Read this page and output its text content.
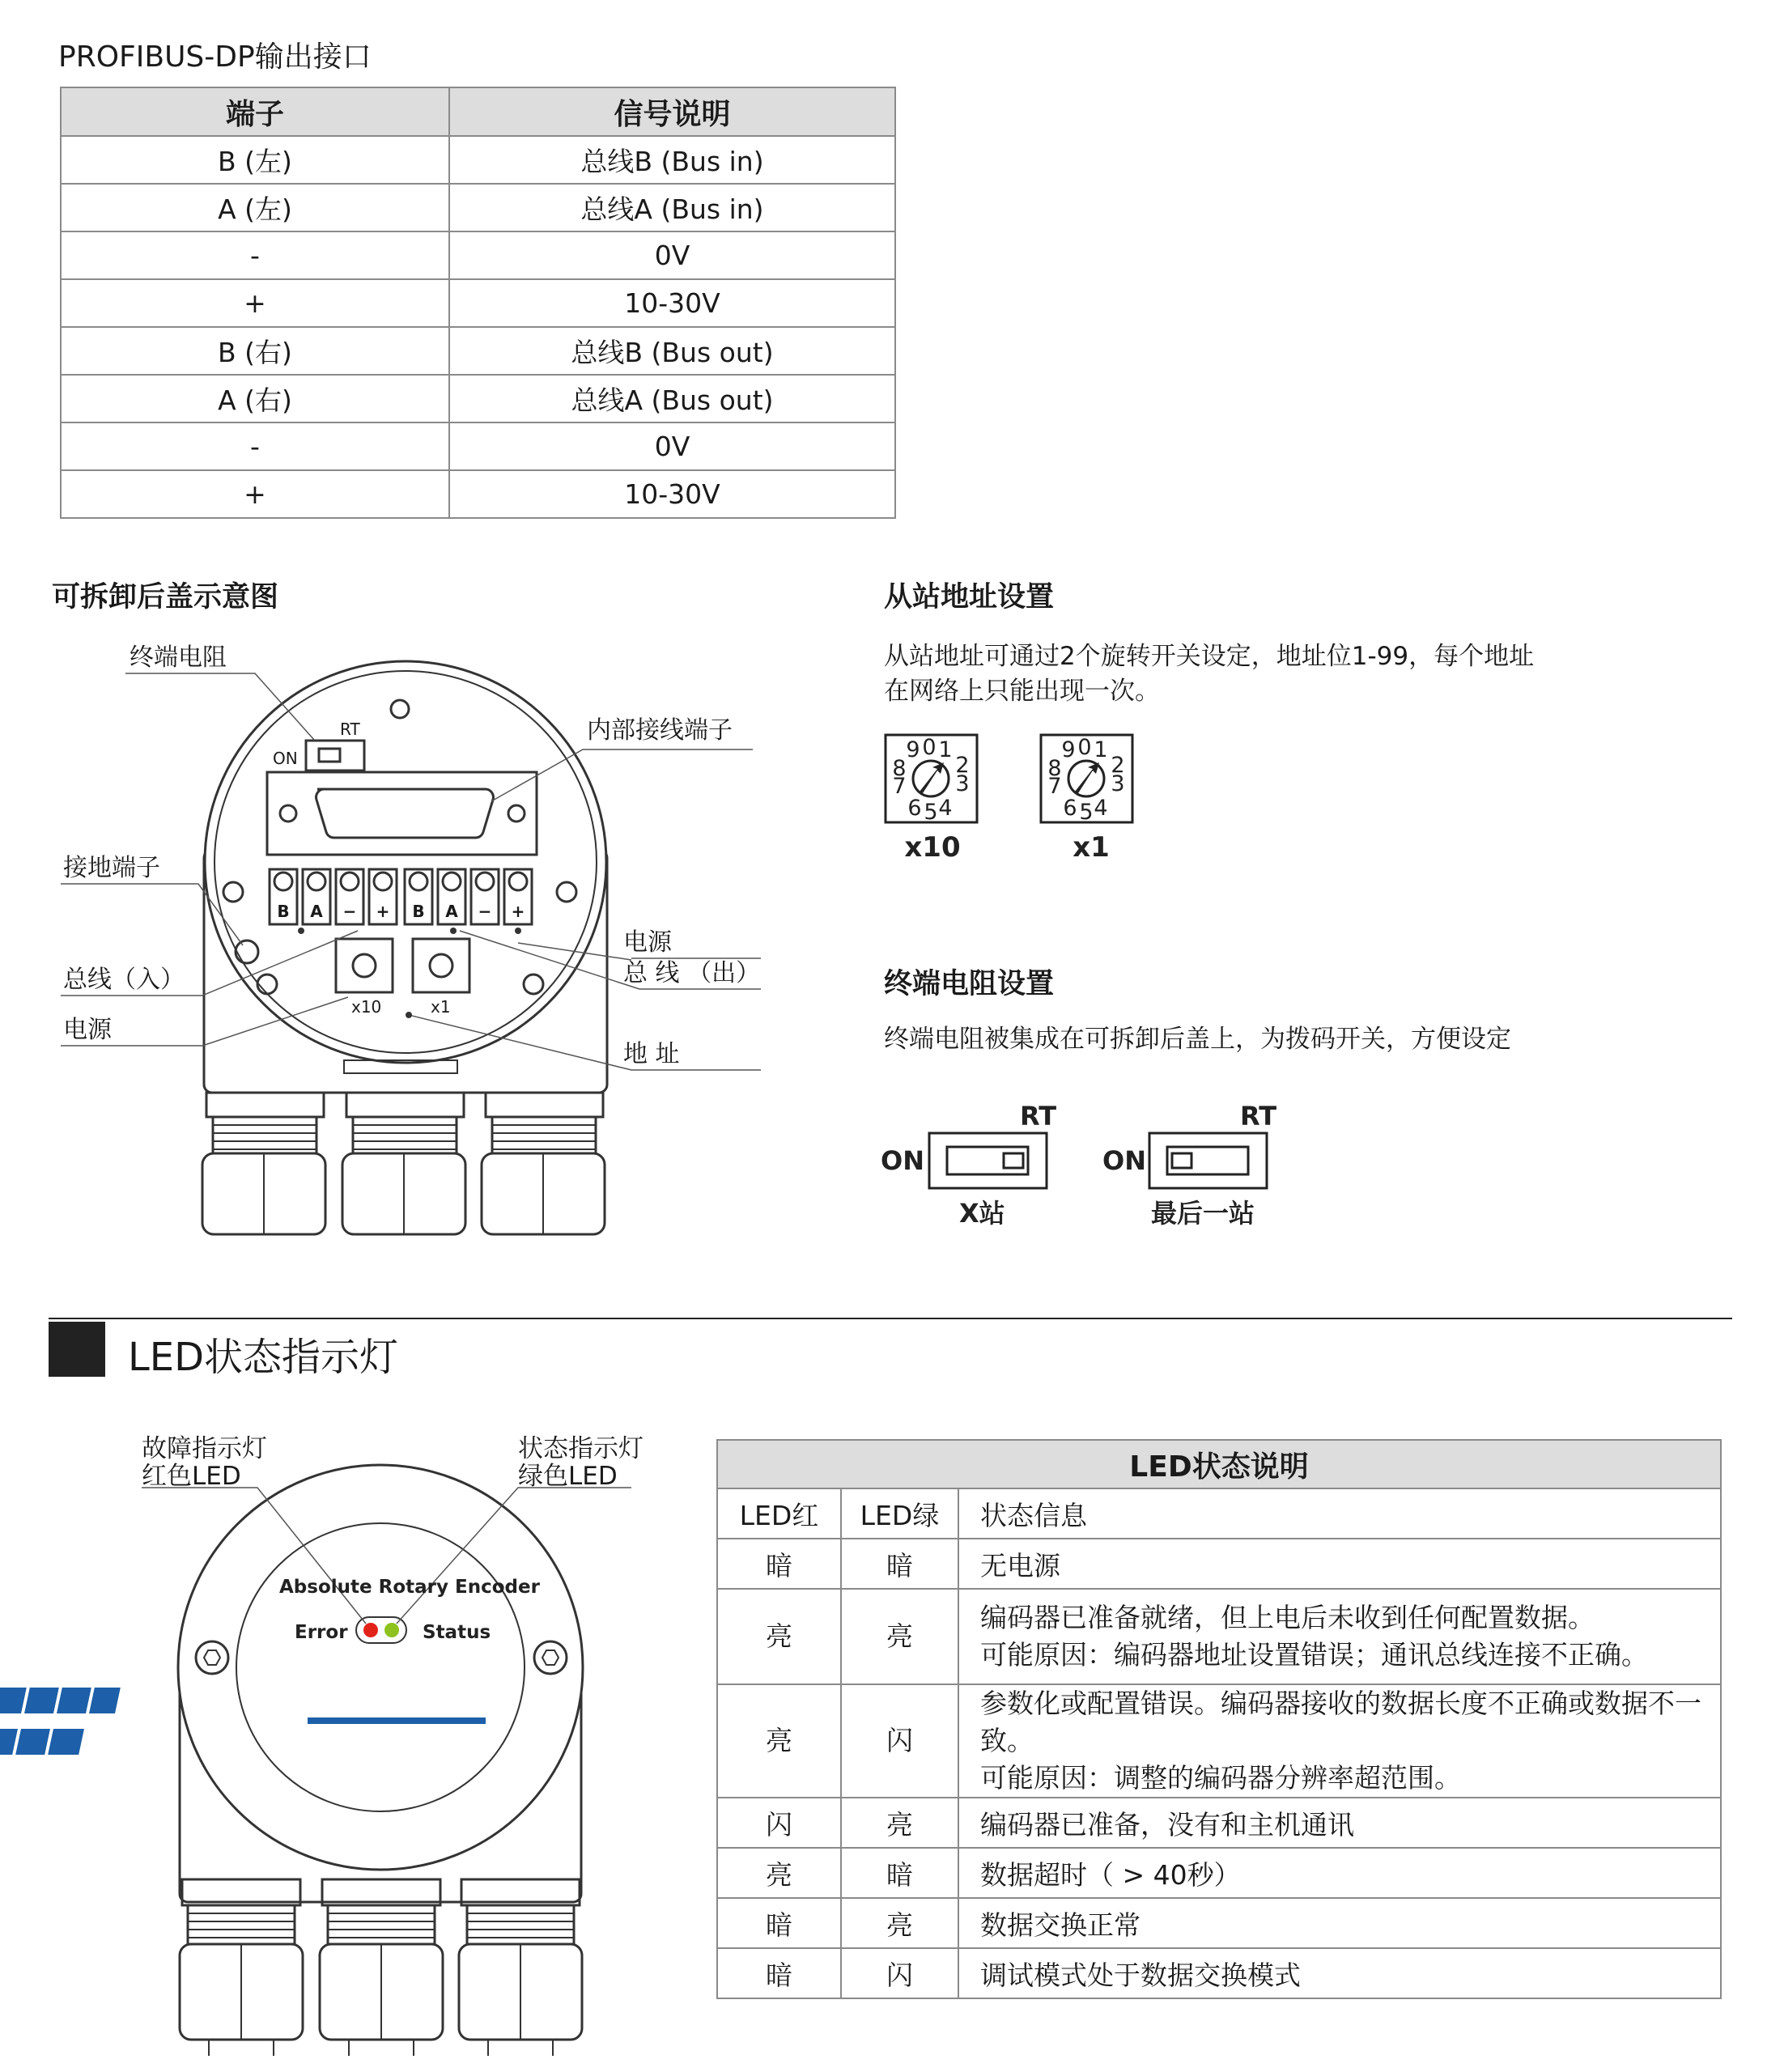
PROFIBUS-DP输出接口
端子	信号说明
B (左)	总线B (Bus in)
A (左)	总线A (Bus in)
-	0V
+	10-30V
B (右)	总线B (Bus out)
A (右)	总线A (Bus out)
-	0V
+	10-30V
可拆卸后盖示意图
B A − + B A − +
RT
ON
x10	x1
终端电阻
内部接线端子
接地端子
总线（入）
电源
电源
总 线 （出）
地 址
从站地址设置
从站地址可通过2个旋转开关设定，地址位1-99，每个地址
在网络上只能出现一次。
9 0 1
2
3
4
5
6
7
8
9 0 1
2
3
4
5
6
7
8
x10	x1
终端电阻设置
终端电阻被集成在可拆卸后盖上，为拨码开关，方便设定
ON
RT
ON
RT
X站	最后一站
LED状态指示灯
Absolute Rotary Encoder
Error	Status
P R O F I
B U S
故障指示灯
红色LED
状态指示灯
绿色LED	LED状态说明		
LED红	LED绿	状态信息
暗	暗	无电源
亮	亮	编码器已准备就绪，但上电后未收到任何配置数据。
可能原因：编码器地址设置错误；通讯总线连接不正确。

亮	闪	参数化或配置错误。编码器接收的数据长度不正确或数据不一致。
可能原因：调整的编码器分辨率超范围。

闪	亮	编码器已准备，没有和主机通讯
亮	暗	数据超时（ > 40秒）
暗	亮	数据交换正常
暗	闪	调试模式处于数据交换模式
